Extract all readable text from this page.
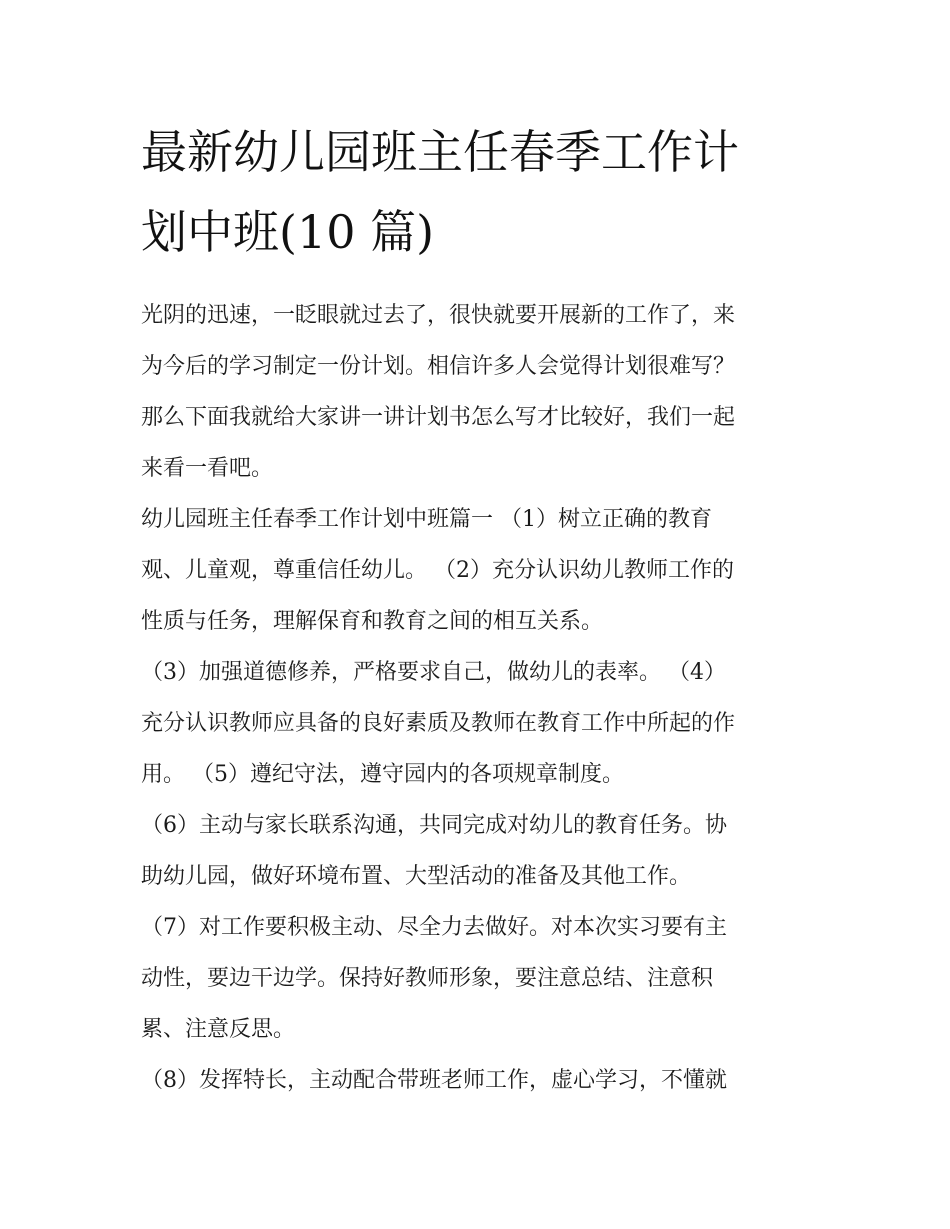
最新幼儿园班主任春季工作计
划中班(10 篇)
光阴的迅速，一眨眼就过去了，很快就要开展新的工作了，来
为今后的学习制定一份计划。相信许多人会觉得计划很难写？
那么下面我就给大家讲一讲计划书怎么写才比较好，我们一起
来看一看吧。
幼儿园班主任春季工作计划中班篇一 （1）树立正确的教育
观、儿童观，尊重信任幼儿。 （2）充分认识幼儿教师工作的
性质与任务，理解保育和教育之间的相互关系。
（3）加强道德修养，严格要求自己，做幼儿的表率。 （4）
充分认识教师应具备的良好素质及教师在教育工作中所起的作
用。 （5）遵纪守法，遵守园内的各项规章制度。
（6）主动与家长联系沟通，共同完成对幼儿的教育任务。协
助幼儿园，做好环境布置、大型活动的准备及其他工作。
（7）对工作要积极主动、尽全力去做好。对本次实习要有主
动性，要边干边学。保持好教师形象，要注意总结、注意积
累、注意反思。
（8）发挥特长，主动配合带班老师工作，虚心学习，不懂就
